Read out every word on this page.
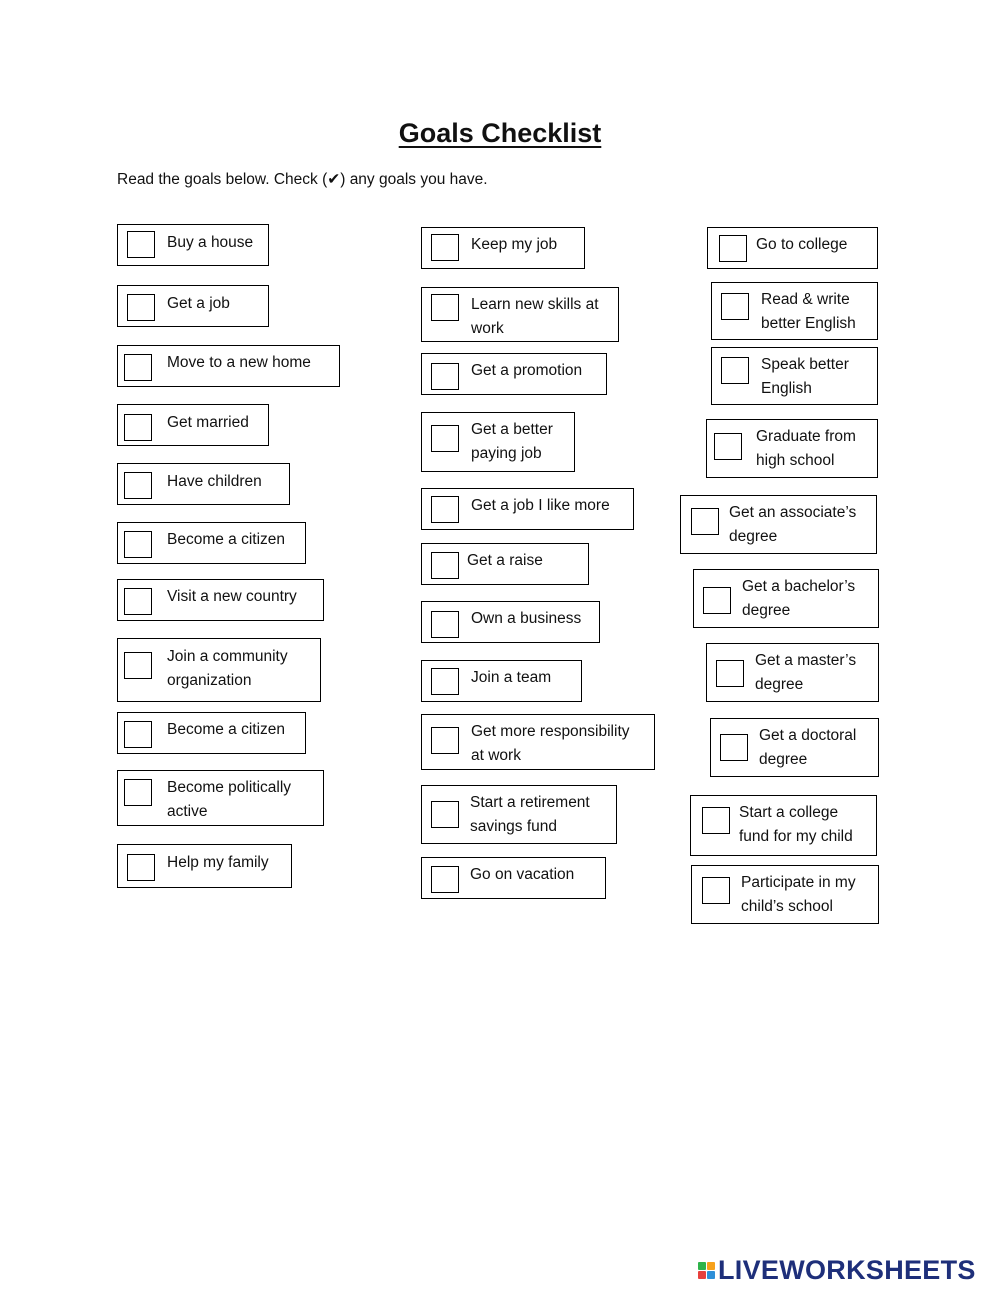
Goals Checklist
Read the goals below. Check (✔) any goals you have.
Buy a house
Get a job
Move to a new home
Get married
Have children
Become a citizen
Visit a new country
Join a community
organization
Become a citizen
Become politically
active
Help my family
Keep my job
Learn new skills at
work
Get a promotion
Get a better
paying job
Get a job I like more
Get a raise
Own a business
Join a team
Get more responsibility
at work
Start a retirement
savings fund
Go on vacation
Go to college
Read & write
better English
Speak better
English
Graduate from
high school
Get an associate’s
degree
Get a bachelor’s
degree
Get a master’s
degree
Get a doctoral
degree
Start a college
fund for my child
Participate in my
child’s school
LIVEWORKSHEETS
